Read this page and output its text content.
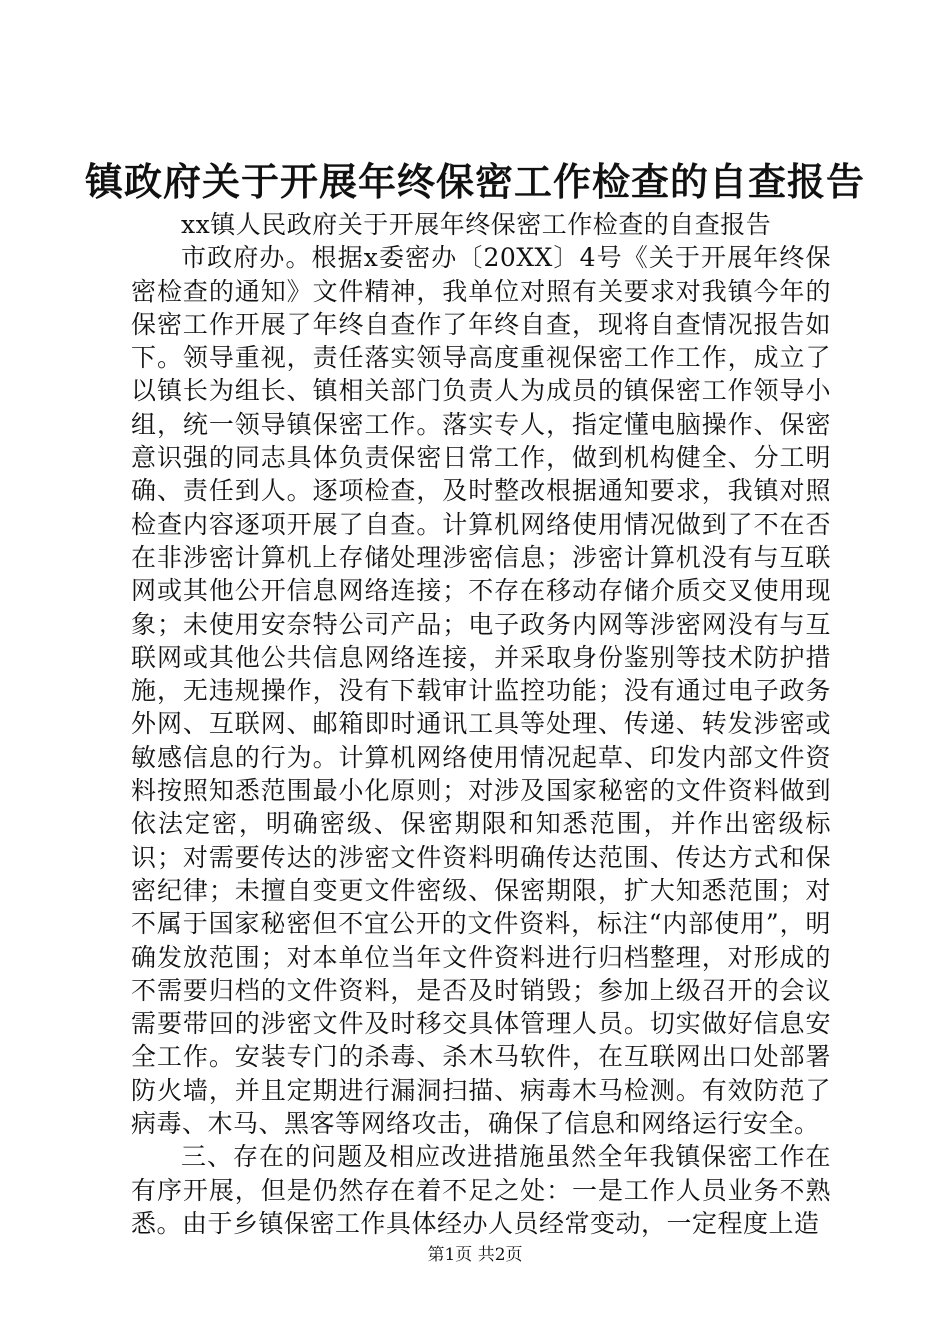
镇政府关于开展年终保密工作检查的自查报告

xx镇人民政府关于开展年终保密工作检查的自查报告

市政府办。根据x委密办〔20XX〕4号《关于开展年终保密检查的通知》文件精神，我单位对照有关要求对我镇今年的保密工作开展了年终自查作了年终自查，现将自查情况报告如下。领导重视，责任落实领导高度重视保密工作工作，成立了以镇长为组长、镇相关部门负责人为成员的镇保密工作领导小组，统一领导镇保密工作。落实专人，指定懂电脑操作、保密意识强的同志具体负责保密日常工作，做到机构健全、分工明确、责任到人。逐项检查，及时整改根据通知要求，我镇对照检查内容逐项开展了自查。计算机网络使用情况做到了不在否在非涉密计算机上存储处理涉密信息；涉密计算机没有与互联网或其他公开信息网络连接；不存在移动存储介质交叉使用现象；未使用安奈特公司产品；电子政务内网等涉密网没有与互联网或其他公共信息网络连接，并采取身份鉴别等技术防护措施，无违规操作，没有下载审计监控功能；没有通过电子政务外网、互联网、邮箱即时通讯工具等处理、传递、转发涉密或敏感信息的行为。计算机网络使用情况起草、印发内部文件资料按照知悉范围最小化原则；对涉及国家秘密的文件资料做到依法定密，明确密级、保密期限和知悉范围，并作出密级标识；对需要传达的涉密文件资料明确传达范围、传达方式和保密纪律；未擅自变更文件密级、保密期限，扩大知悉范围；对不属于国家秘密但不宜公开的文件资料，标注“内部使用”，明确发放范围；对本单位当年文件资料进行归档整理，对形成的不需要归档的文件资料，是否及时销毁；参加上级召开的会议需要带回的涉密文件及时移交具体管理人员。切实做好信息安全工作。安装专门的杀毒、杀木马软件，在互联网出口处部署防火墙，并且定期进行漏洞扫描、病毒木马检测。有效防范了病毒、木马、黑客等网络攻击，确保了信息和网络运行安全。

三、存在的问题及相应改进措施虽然全年我镇保密工作在有序开展，但是仍然存在着不足之处：一是工作人员业务不熟悉。由于乡镇保密工作具体经办人员经常变动，一定程度上造

第1页 共2页
